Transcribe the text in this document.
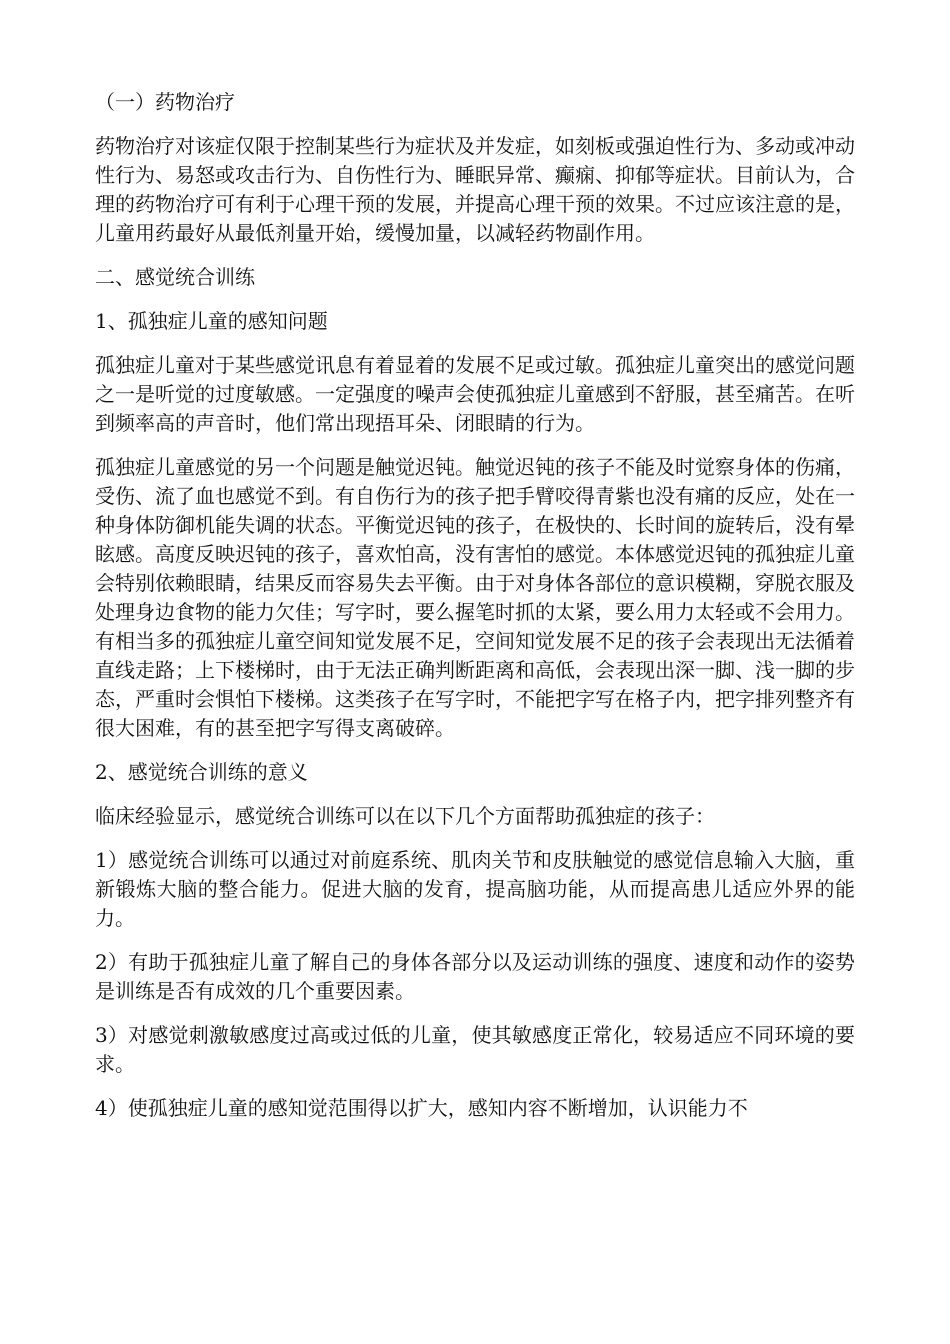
（一）药物治疗

药物治疗对该症仅限于控制某些行为症状及并发症，如刻板或强迫性行为、多动或冲动性行为、易怒或攻击行为、自伤性行为、睡眠异常、癫痫、抑郁等症状。目前认为，合理的药物治疗可有利于心理干预的发展，并提高心理干预的效果。不过应该注意的是，儿童用药最好从最低剂量开始，缓慢加量，以减轻药物副作用。

二、感觉统合训练

1、孤独症儿童的感知问题

孤独症儿童对于某些感觉讯息有着显着的发展不足或过敏。孤独症儿童突出的感觉问题之一是听觉的过度敏感。一定强度的噪声会使孤独症儿童感到不舒服，甚至痛苦。在听到频率高的声音时，他们常出现捂耳朵、闭眼睛的行为。

孤独症儿童感觉的另一个问题是触觉迟钝。触觉迟钝的孩子不能及时觉察身体的伤痛，受伤、流了血也感觉不到。有自伤行为的孩子把手臂咬得青紫也没有痛的反应，处在一种身体防御机能失调的状态。平衡觉迟钝的孩子，在极快的、长时间的旋转后，没有晕眩感。高度反映迟钝的孩子，喜欢怕高，没有害怕的感觉。本体感觉迟钝的孤独症儿童会特别依赖眼睛，结果反而容易失去平衡。由于对身体各部位的意识模糊，穿脱衣服及处理身边食物的能力欠佳；写字时，要么握笔时抓的太紧，要么用力太轻或不会用力。有相当多的孤独症儿童空间知觉发展不足，空间知觉发展不足的孩子会表现出无法循着直线走路；上下楼梯时，由于无法正确判断距离和高低，会表现出深一脚、浅一脚的步态，严重时会惧怕下楼梯。这类孩子在写字时，不能把字写在格子内，把字排列整齐有很大困难，有的甚至把字写得支离破碎。

2、感觉统合训练的意义

临床经验显示，感觉统合训练可以在以下几个方面帮助孤独症的孩子：

1）感觉统合训练可以通过对前庭系统、肌肉关节和皮肤触觉的感觉信息输入大脑，重新锻炼大脑的整合能力。促进大脑的发育，提高脑功能，从而提高患儿适应外界的能力。

2）有助于孤独症儿童了解自己的身体各部分以及运动训练的强度、速度和动作的姿势是训练是否有成效的几个重要因素。

3）对感觉刺激敏感度过高或过低的儿童，使其敏感度正常化，较易适应不同环境的要求。

4）使孤独症儿童的感知觉范围得以扩大，感知内容不断增加，认识能力不
